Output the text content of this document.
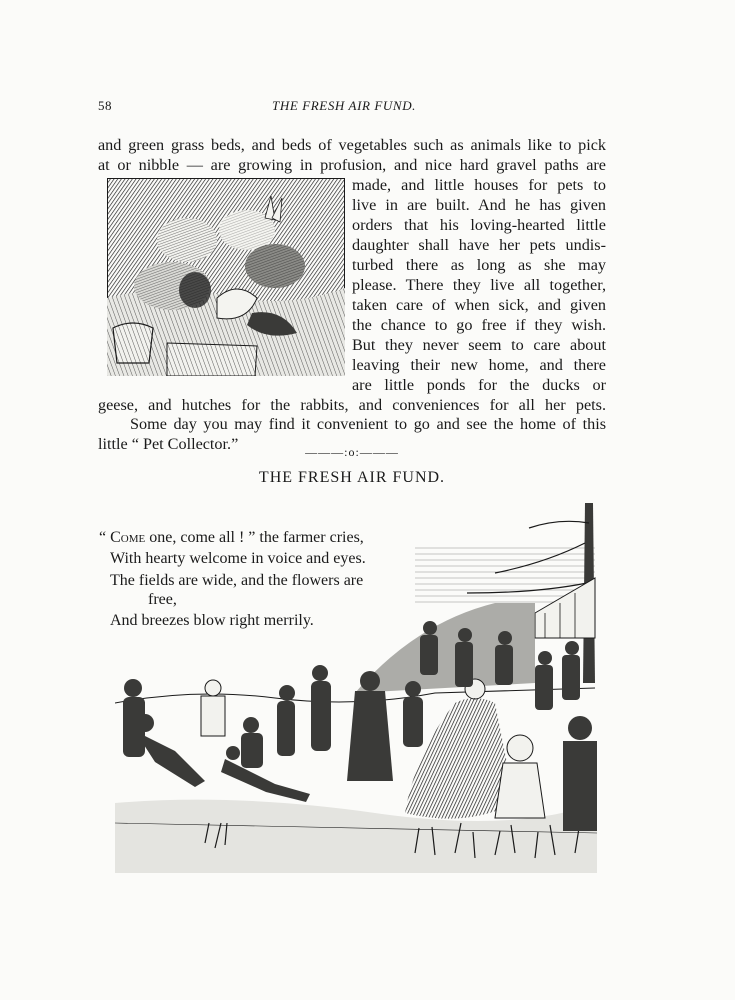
58	THE FRESH AIR FUND.
and green grass beds, and beds of vegetables such as animals like to pick
at or nibble — are growing in profusion, and nice hard gravel paths are
made, and little houses for pets to
live in are built. And he has given
orders that his loving-hearted little
daughter shall have her pets undis-
turbed there as long as she may
please. There they live all together,
taken care of when sick, and given
the chance to go free if they wish.
But they never seem to care about
leaving their new home, and there
are little ponds for the ducks or
geese, and hutches for the rabbits, and conveniences for all her pets.
Some day you may find it convenient to go and see the home of this
little “ Pet Collector.”	———:o:———
THE FRESH AIR FUND.
“ Come one, come all ! ” the farmer cries,
With hearty welcome in voice and eyes.
The fields are wide, and the flowers are
free,
And breezes blow right merrily.
